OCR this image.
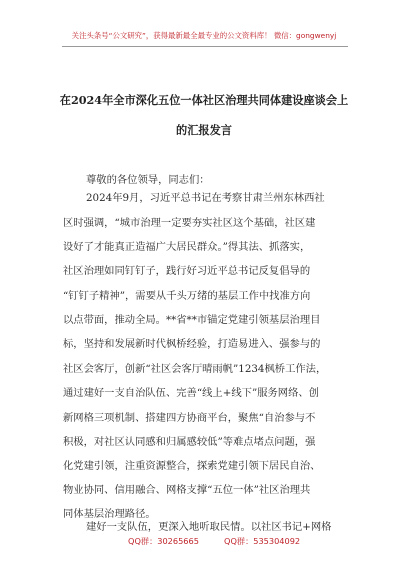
关注头条号“公文研究”，获得最新最全最专业的公文资料库！ 微信：gongwenyj
在2024年全市深化五位一体社区治理共同体建设座谈会上
的汇报发言
尊敬的各位领导，同志们：
2024年9月，习近平总书记在考察甘肃兰州东林西社
区时强调，“城市治理一定要夯实社区这个基础，社区建
设好了才能真正造福广大居民群众。”得其法、抓落实，
社区治理如同钉钉子，践行好习近平总书记反复倡导的
“钉钉子精神”，需要从千头万绪的基层工作中找准方向
以点带面，推动全局。**省**市锚定党建引领基层治理目
标，坚持和发展新时代枫桥经验，打造易进入、强参与的
社区会客厅，创新“社区会客厅晴雨帆”1234枫桥工作法，
通过建好一支自治队伍、完善“线上+线下”服务网络、创
新网格三项机制、搭建四方协商平台，聚焦“自治参与不
积极，对社区认同感和归属感较低”等难点堵点问题，强
化党建引领，注重资源整合，探索党建引领下居民自治、
物业协同、信用融合、网格支撑“五位一体”社区治理共
同体基层治理路径。
建好一支队伍，更深入地听取民情。以社区书记+网格
QQ群：30265665	QQ群：535304092
